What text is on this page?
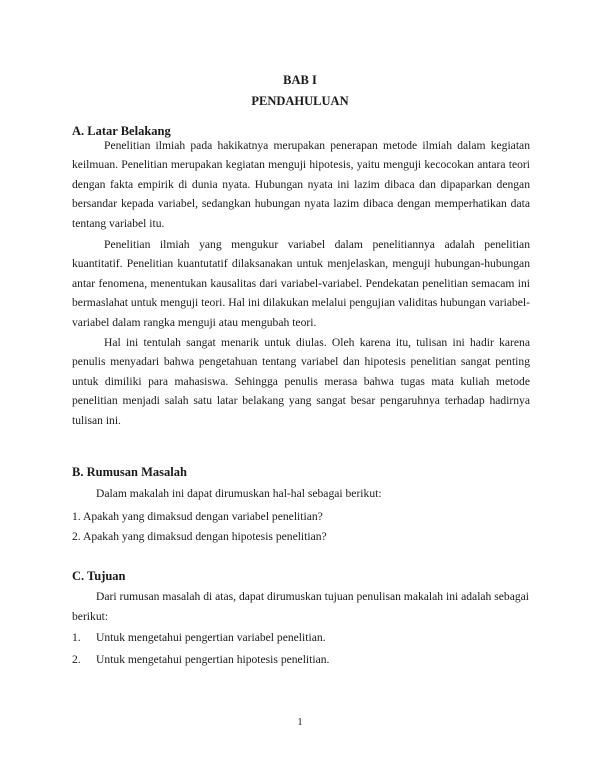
BAB I
PENDAHULUAN
A. Latar Belakang

Penelitian ilmiah pada hakikatnya merupakan penerapan metode ilmiah dalam kegiatan keilmuan. Penelitian merupakan kegiatan menguji hipotesis, yaitu menguji kecocokan antara teori dengan fakta empirik di dunia nyata. Hubungan nyata ini lazim dibaca dan dipaparkan dengan bersandar kepada variabel, sedangkan hubungan nyata lazim dibaca dengan memperhatikan data tentang variabel itu.

Penelitian ilmiah yang mengukur variabel dalam penelitiannya adalah penelitian kuantitatif. Penelitian kuantutatif dilaksanakan untuk menjelaskan, menguji hubungan-hubungan antar fenomena, menentukan kausalitas dari variabel-variabel. Pendekatan penelitian semacam ini bermaslahat untuk menguji teori. Hal ini dilakukan melalui pengujian validitas hubungan variabel-variabel dalam rangka menguji atau mengubah teori.

Hal ini tentulah sangat menarik untuk diulas. Oleh karena itu, tulisan ini hadir karena penulis menyadari bahwa pengetahuan tentang variabel dan hipotesis penelitian sangat penting untuk dimiliki para mahasiswa. Sehingga penulis merasa bahwa tugas mata kuliah metode penelitian menjadi salah satu latar belakang yang sangat besar pengaruhnya terhadap hadirnya tulisan ini.

B. Rumusan Masalah
Dalam makalah ini dapat dirumuskan hal-hal sebagai berikut:
1. Apakah yang dimaksud dengan variabel penelitian?
2. Apakah yang dimaksud dengan hipotesis penelitian?
C. Tujuan
Dari rumusan masalah di atas, dapat dirumuskan tujuan penulisan makalah ini adalah sebagai
berikut:
1. Untuk mengetahui pengertian variabel penelitian.
2. Untuk mengetahui pengertian hipotesis penelitian.
1
